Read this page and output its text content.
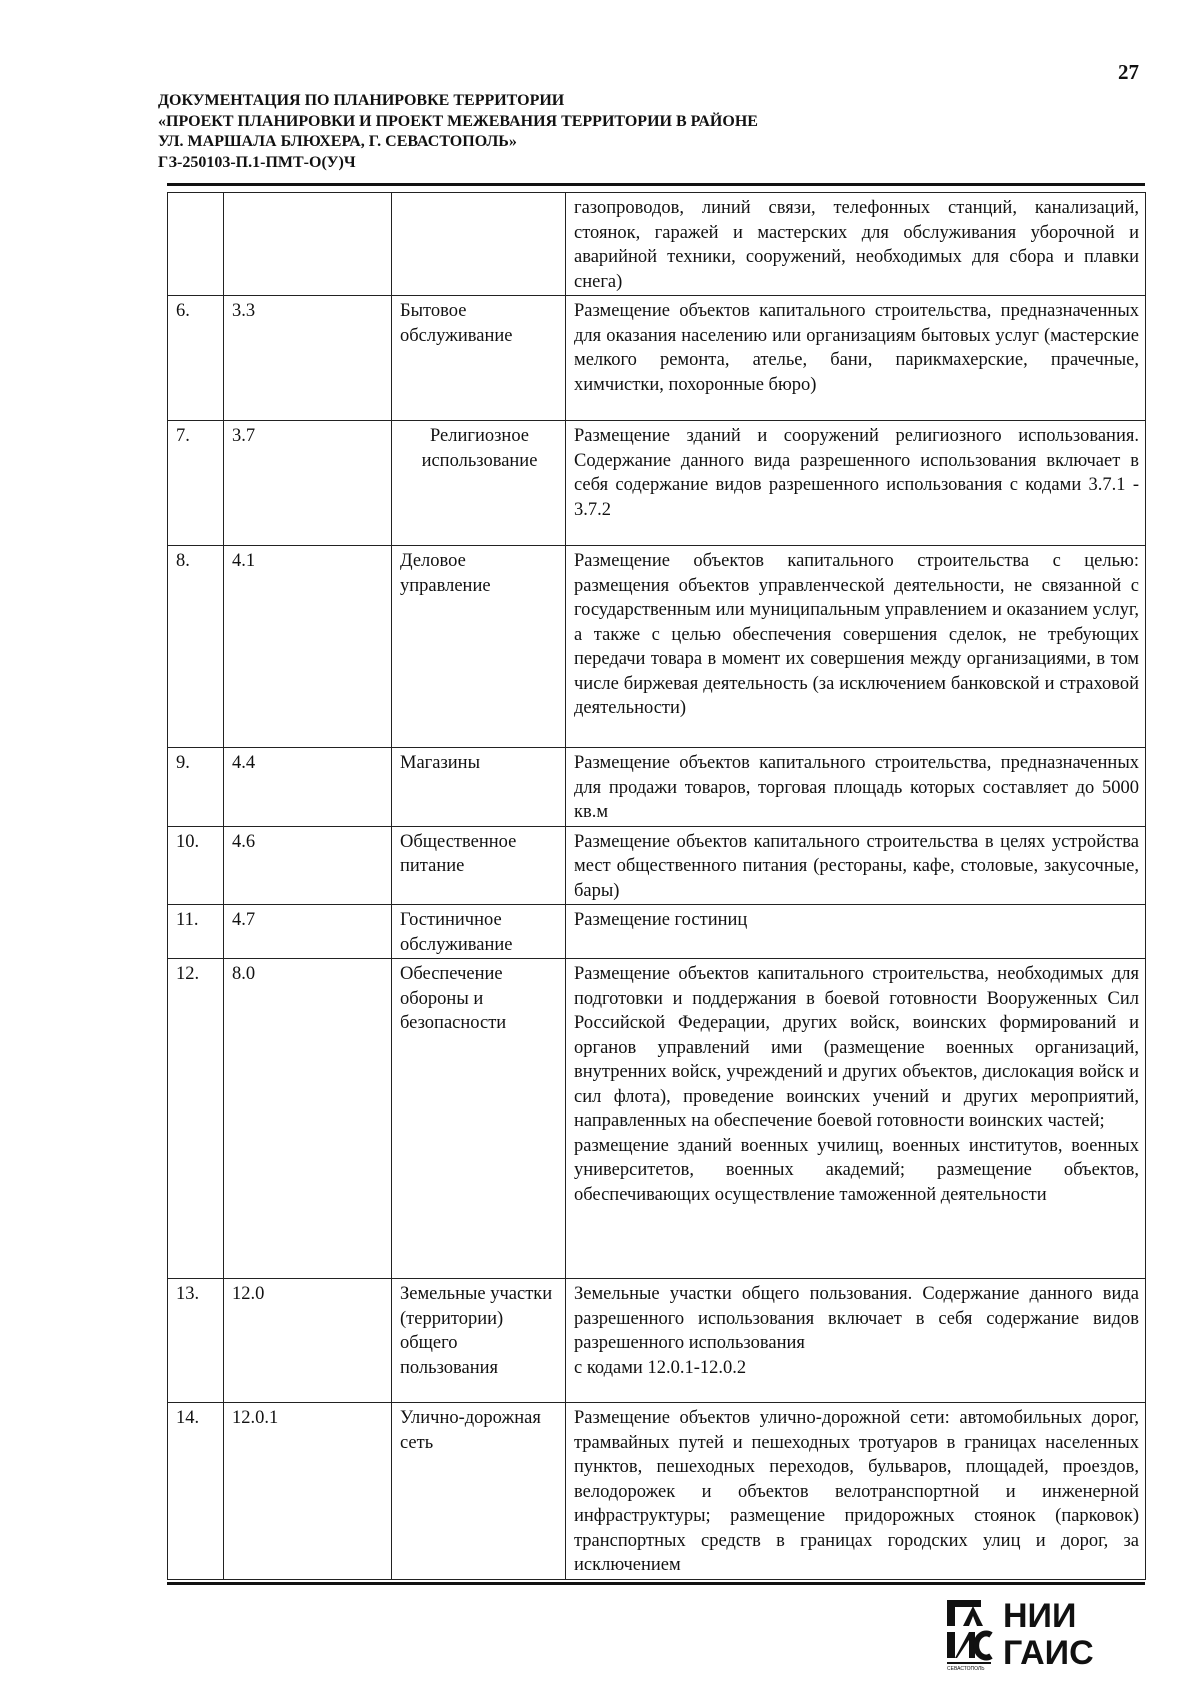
27
ДОКУМЕНТАЦИЯ ПО ПЛАНИРОВКЕ ТЕРРИТОРИИ
«ПРОЕКТ ПЛАНИРОВКИ И ПРОЕКТ МЕЖЕВАНИЯ ТЕРРИТОРИИ В РАЙОНЕ
УЛ. МАРШАЛА БЛЮХЕРА, Г. СЕВАСТОПОЛЬ»
ГЗ-250103-П.1-ПМТ-О(У)Ч
			газопроводов, линий связи, телефонных станций, канализаций, стоянок, гаражей и мастерских для обслуживания уборочной и аварийной техники, сооружений, необходимых для сбора и плавки снега)
6.	3.3	Бытовое обслуживание	Размещение объектов капитального строительства, предназначенных для оказания населению или организациям бытовых услуг (мастерские мелкого ремонта, ателье, бани, парикмахерские, прачечные, химчистки, похоронные бюро)
7.	3.7	Религиозное использование	Размещение зданий и сооружений религиозного использования. Содержание данного вида разрешенного использования включает в себя содержание видов разрешенного использования с кодами 3.7.1 - 3.7.2
8.	4.1	Деловое управление	Размещение объектов капитального строительства с целью: размещения объектов управленческой деятельности, не связанной с государственным или муниципальным управлением и оказанием услуг, а также с целью обеспечения совершения сделок, не требующих передачи товара в момент их совершения между организациями, в том числе биржевая деятельность (за исключением банковской и страховой деятельности)
9.	4.4	Магазины	Размещение объектов капитального строительства, предназначенных для продажи товаров, торговая площадь которых составляет до 5000 кв.м
10.	4.6	Общественное питание	Размещение объектов капитального строительства в целях устройства мест общественного питания (рестораны, кафе, столовые, закусочные, бары)
11.	4.7	Гостиничное обслуживание	Размещение гостиниц
12.	8.0	Обеспечение обороны и безопасности	Размещение объектов капитального строительства, необходимых для подготовки и поддержания в боевой готовности Вооруженных Сил Российской Федерации, других войск, воинских формирований и органов управлений ими (размещение военных организаций, внутренних войск, учреждений и других объектов, дислокация войск и сил флота), проведение воинских учений и других мероприятий, направленных на обеспечение боевой готовности воинских частей;
размещение зданий военных училищ, военных институтов, военных университетов, военных академий; размещение объектов, обеспечивающих осуществление таможенной деятельности
13.	12.0	Земельные участки (территории) общего пользования	Земельные участки общего пользования. Содержание данного вида разрешенного использования включает в себя содержание видов разрешенного использования
с кодами 12.0.1-12.0.2
14.	12.0.1	Улично-дорожная сеть	Размещение объектов улично-дорожной сети: автомобильных дорог, трамвайных путей и пешеходных тротуаров в границах населенных пунктов, пешеходных переходов, бульваров, площадей, проездов, велодорожек и объектов велотранспортной и инженерной инфраструктуры; размещение придорожных стоянок (парковок) транспортных средств в границах городских улиц и дорог, за исключением
НИИ
ГАИС
СЕВАСТОПОЛЬ
